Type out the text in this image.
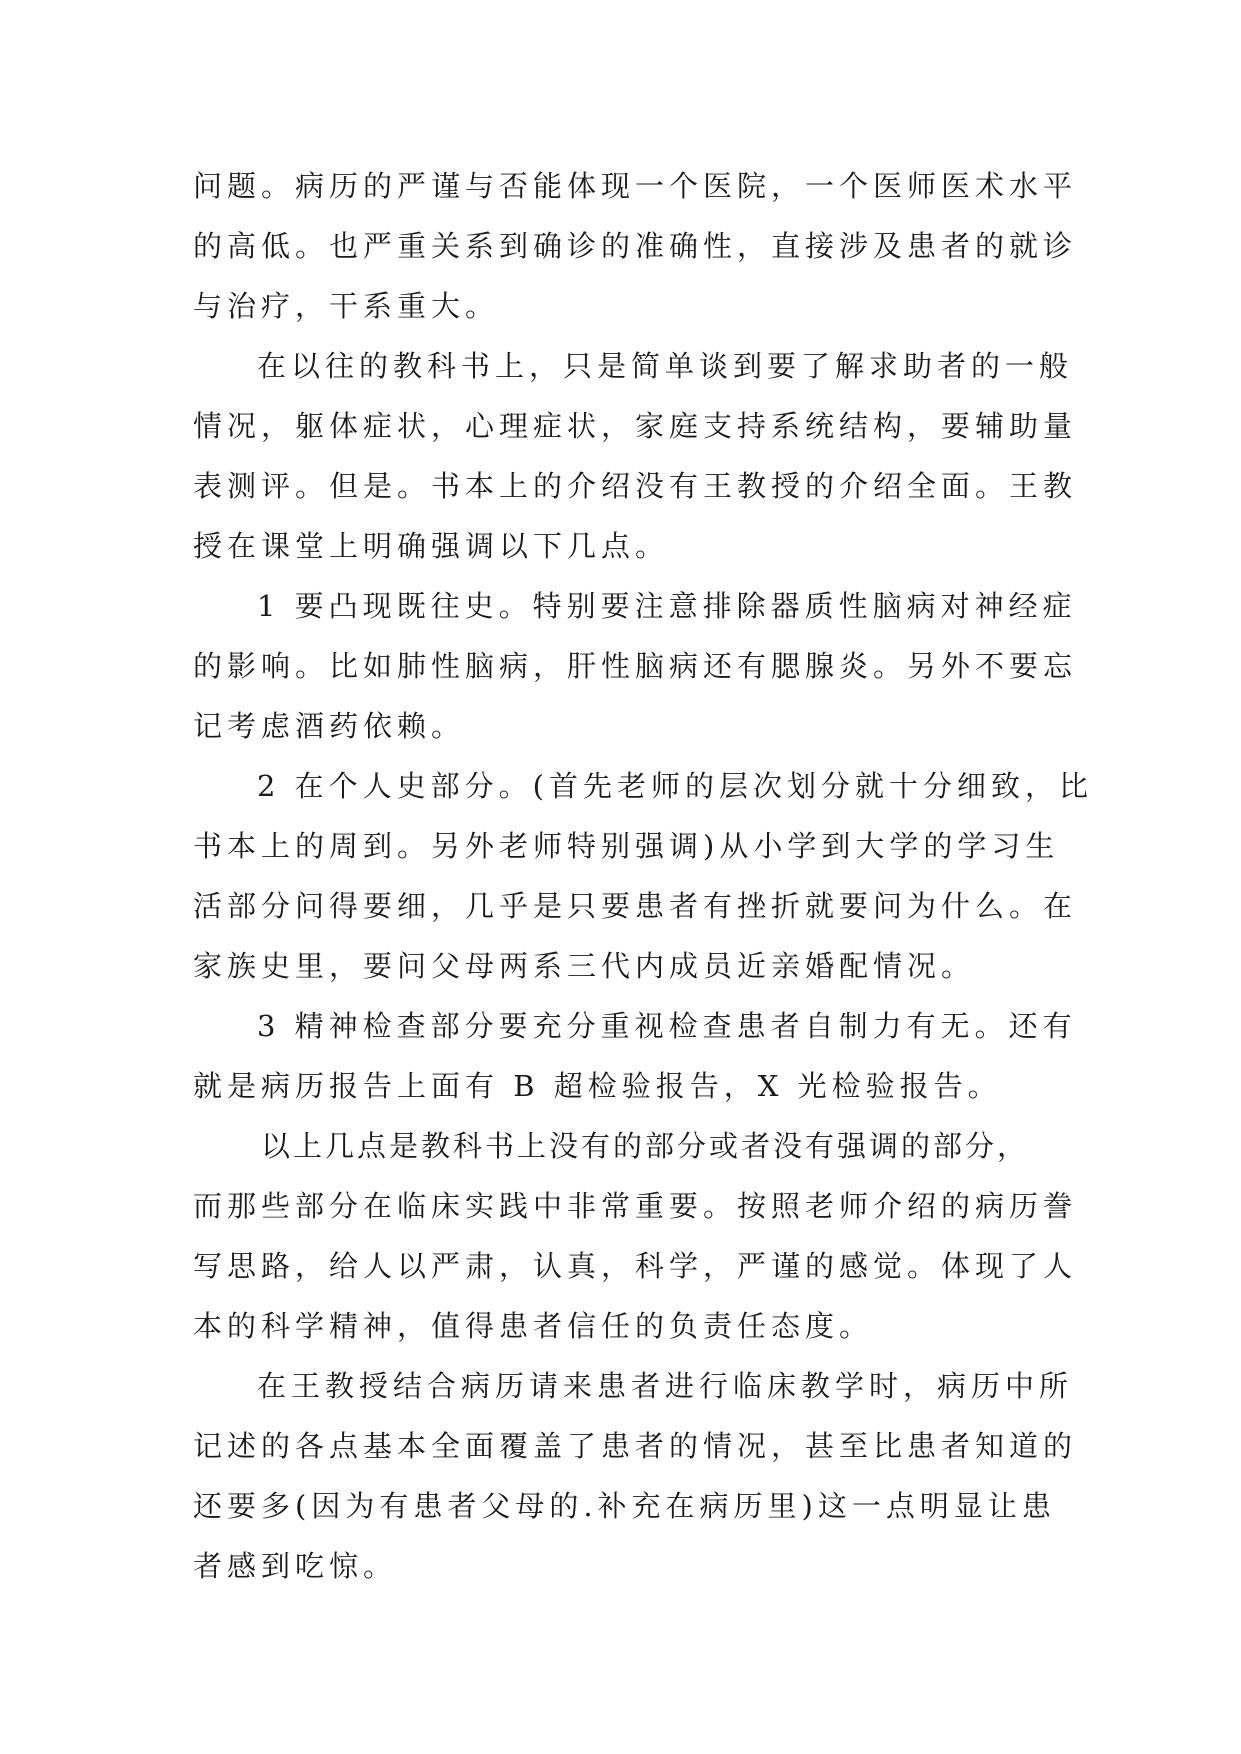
问题。病历的严谨与否能体现一个医院，一个医师医术水平
的高低。也严重关系到确诊的准确性，直接涉及患者的就诊
与治疗，干系重大。
在以往的教科书上，只是简单谈到要了解求助者的一般
情况，躯体症状，心理症状，家庭支持系统结构，要辅助量
表测评。但是。书本上的介绍没有王教授的介绍全面。王教
授在课堂上明确强调以下几点。
1 要凸现既往史。特别要注意排除器质性脑病对神经症
的影响。比如肺性脑病，肝性脑病还有腮腺炎。另外不要忘
记考虑酒药依赖。
2 在个人史部分。(首先老师的层次划分就十分细致，比
书本上的周到。另外老师特别强调)从小学到大学的学习生
活部分问得要细，几乎是只要患者有挫折就要问为什么。在
家族史里，要问父母两系三代内成员近亲婚配情况。
3 精神检查部分要充分重视检查患者自制力有无。还有
就是病历报告上面有 B 超检验报告，X 光检验报告。
以上几点是教科书上没有的部分或者没有强调的部分，
而那些部分在临床实践中非常重要。按照老师介绍的病历誊
写思路，给人以严肃，认真，科学，严谨的感觉。体现了人
本的科学精神，值得患者信任的负责任态度。
在王教授结合病历请来患者进行临床教学时，病历中所
记述的各点基本全面覆盖了患者的情况，甚至比患者知道的
还要多(因为有患者父母的.补充在病历里)这一点明显让患
者感到吃惊。
